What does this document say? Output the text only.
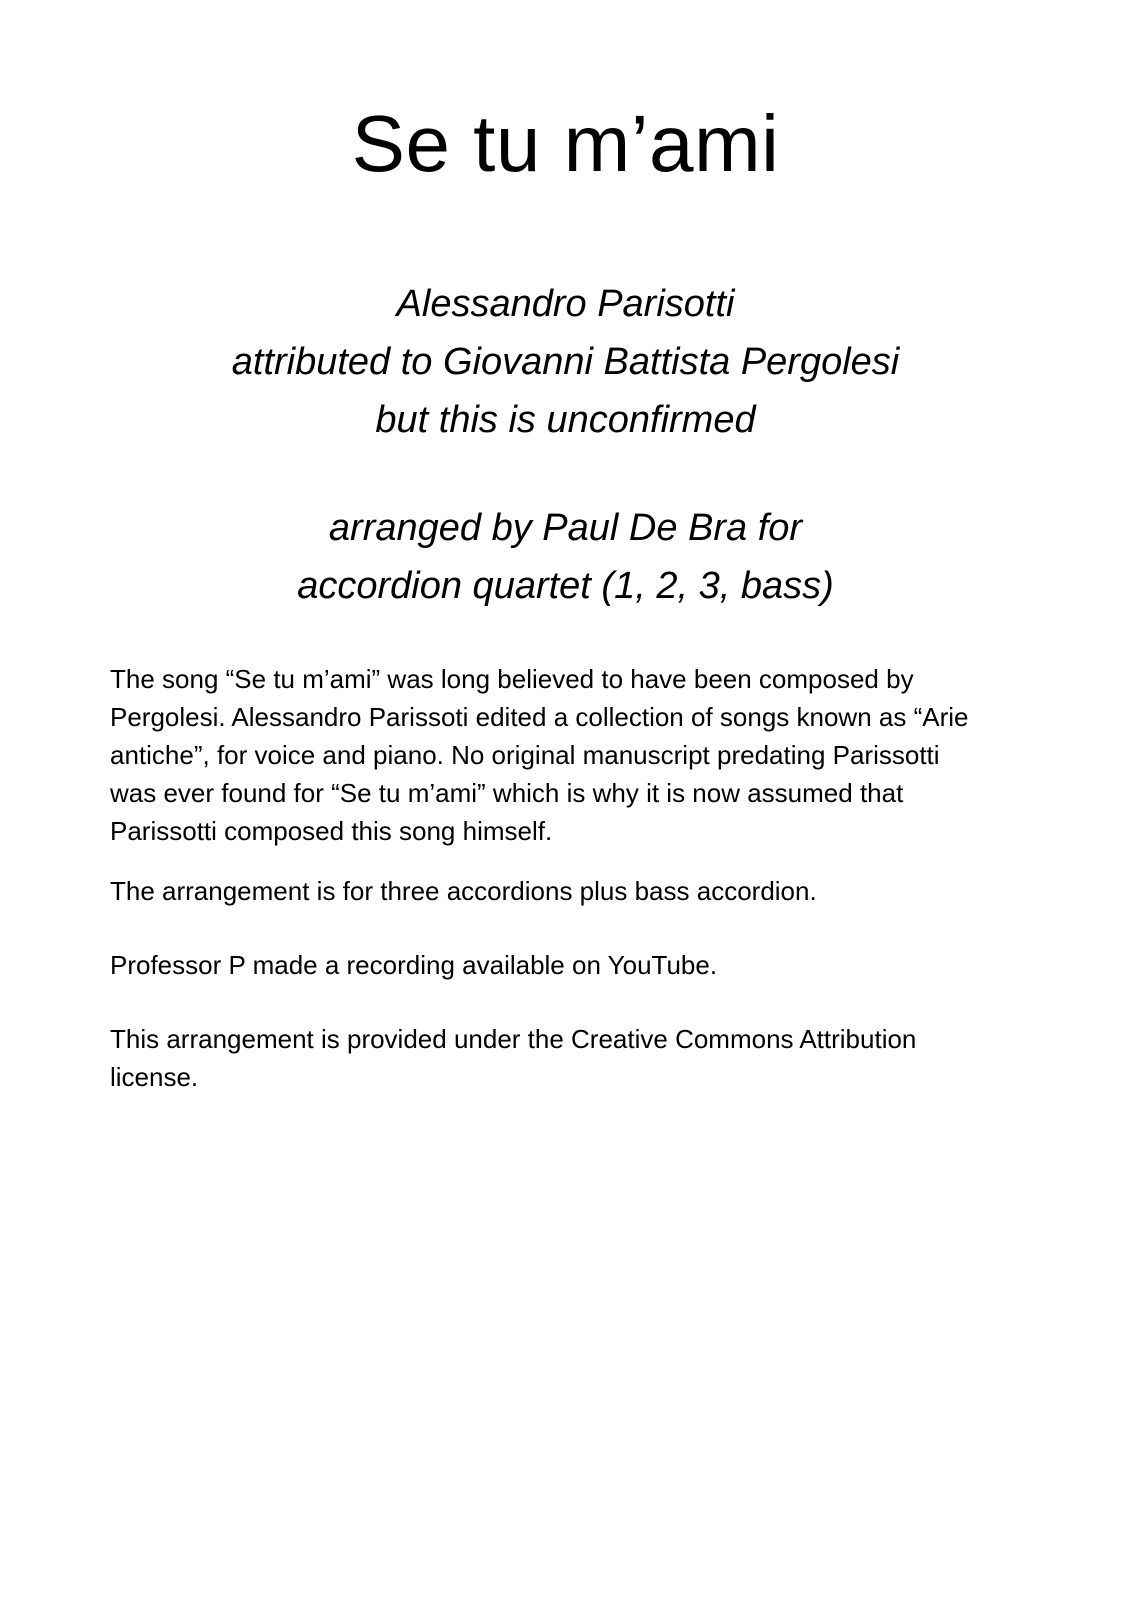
Se tu m’ami
Alessandro Parisotti
attributed to Giovanni Battista Pergolesi
but this is unconfirmed
arranged by Paul De Bra for
accordion quartet (1, 2, 3, bass)
The song “Se tu m’ami” was long believed to have been composed by
Pergolesi. Alessandro Parissoti edited a collection of songs known as “Arie
antiche”, for voice and piano. No original manuscript predating Parissotti
was ever found for “Se tu m’ami” which is why it is now assumed that
Parissotti composed this song himself.
The arrangement is for three accordions plus bass accordion.
Professor P made a recording available on YouTube.
This arrangement is provided under the Creative Commons Attribution
license.
